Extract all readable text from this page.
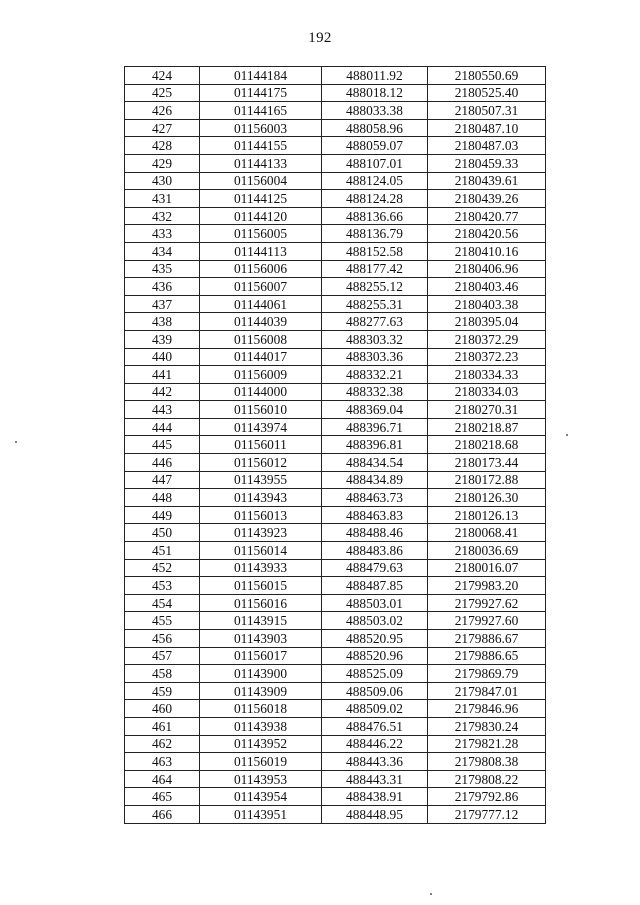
192
424	01144184	488011.92	2180550.69
425	01144175	488018.12	2180525.40
426	01144165	488033.38	2180507.31
427	01156003	488058.96	2180487.10
428	01144155	488059.07	2180487.03
429	01144133	488107.01	2180459.33
430	01156004	488124.05	2180439.61
431	01144125	488124.28	2180439.26
432	01144120	488136.66	2180420.77
433	01156005	488136.79	2180420.56
434	01144113	488152.58	2180410.16
435	01156006	488177.42	2180406.96
436	01156007	488255.12	2180403.46
437	01144061	488255.31	2180403.38
438	01144039	488277.63	2180395.04
439	01156008	488303.32	2180372.29
440	01144017	488303.36	2180372.23
441	01156009	488332.21	2180334.33
442	01144000	488332.38	2180334.03
443	01156010	488369.04	2180270.31
444	01143974	488396.71	2180218.87
445	01156011	488396.81	2180218.68
446	01156012	488434.54	2180173.44
447	01143955	488434.89	2180172.88
448	01143943	488463.73	2180126.30
449	01156013	488463.83	2180126.13
450	01143923	488488.46	2180068.41
451	01156014	488483.86	2180036.69
452	01143933	488479.63	2180016.07
453	01156015	488487.85	2179983.20
454	01156016	488503.01	2179927.62
455	01143915	488503.02	2179927.60
456	01143903	488520.95	2179886.67
457	01156017	488520.96	2179886.65
458	01143900	488525.09	2179869.79
459	01143909	488509.06	2179847.01
460	01156018	488509.02	2179846.96
461	01143938	488476.51	2179830.24
462	01143952	488446.22	2179821.28
463	01156019	488443.36	2179808.38
464	01143953	488443.31	2179808.22
465	01143954	488438.91	2179792.86
466	01143951	488448.95	2179777.12
